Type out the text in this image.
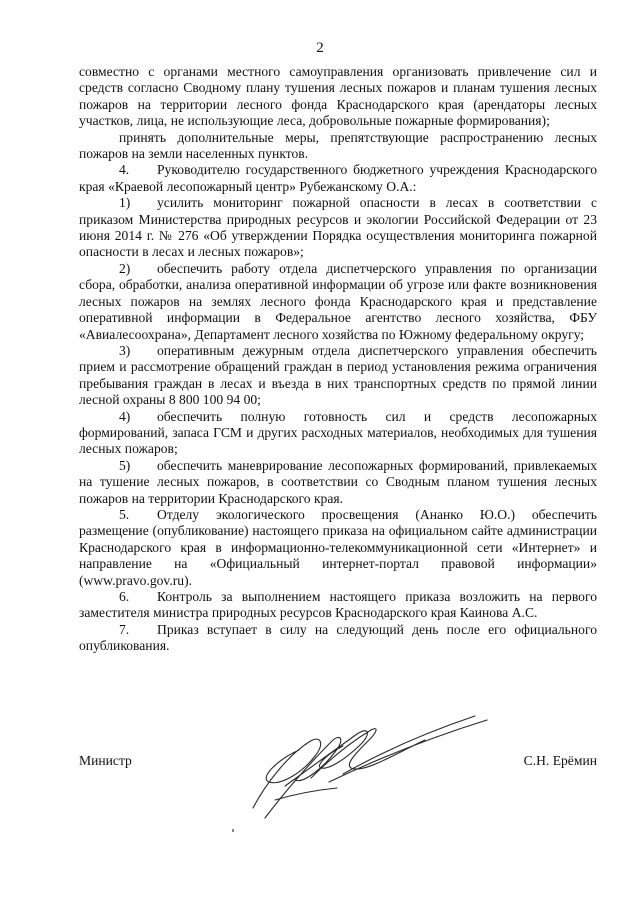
2

совместно с органами местного самоуправления организовать привлечение сил и средств согласно Сводному плану тушения лесных пожаров и планам тушения лесных пожаров на территории лесного фонда Краснодарского края (арендаторы лесных участков, лица, не использующие леса, добровольные пожарные формирования);

принять дополнительные меры, препятствующие распространению лесных пожаров на земли населенных пунктов.

4. Руководителю государственного бюджетного учреждения Краснодарского края «Краевой лесопожарный центр» Рубежанскому О.А.:

1) усилить мониторинг пожарной опасности в лесах в соответствии с приказом Министерства природных ресурсов и экологии Российской Федерации от 23 июня 2014 г. № 276 «Об утверждении Порядка осуществления мониторинга пожарной опасности в лесах и лесных пожаров»;

2) обеспечить работу отдела диспетчерского управления по организации сбора, обработки, анализа оперативной информации об угрозе или факте возникновения лесных пожаров на землях лесного фонда Краснодарского края и представление оперативной информации в Федеральное агентство лесного хозяйства, ФБУ «Авиалесоохрана», Департамент лесного хозяйства по Южному федеральному округу;

3) оперативным дежурным отдела диспетчерского управления обеспечить прием и рассмотрение обращений граждан в период установления режима ограничения пребывания граждан в лесах и въезда в них транспортных средств по прямой линии лесной охраны 8 800 100 94 00;

4) обеспечить полную готовность сил и средств лесопожарных формирований, запаса ГСМ и других расходных материалов, необходимых для тушения лесных пожаров;

5) обеспечить маневрирование лесопожарных формирований, привлекаемых на тушение лесных пожаров, в соответствии со Сводным планом тушения лесных пожаров на территории Краснодарского края.

5. Отделу экологического просвещения (Ананко Ю.О.) обеспечить размещение (опубликование) настоящего приказа на официальном сайте администрации Краснодарского края в информационно-телекоммуникационной сети «Интернет» и направление на «Официальный интернет-портал правовой информации» (www.pravo.gov.ru).

6. Контроль за выполнением настоящего приказа возложить на первого заместителя министра природных ресурсов Краснодарского края Каинова А.С.

7. Приказ вступает в силу на следующий день после его официального опубликования.

Министр	С.Н. Ерёмин
